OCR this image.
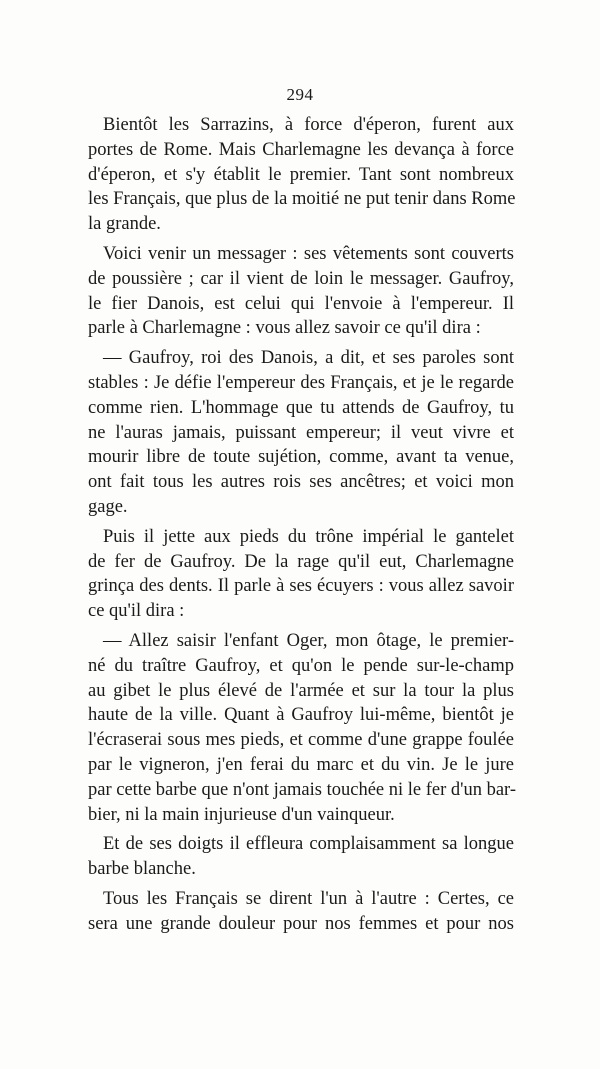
294
Bientôt les Sarrazins, à force d'éperon, furent aux
portes de Rome. Mais Charlemagne les devança à force
d'éperon, et s'y établit le premier. Tant sont nombreux
les Français, que plus de la moitié ne put tenir dans Rome
la grande.
Voici venir un messager : ses vêtements sont couverts
de poussière ; car il vient de loin le messager. Gaufroy,
le fier Danois, est celui qui l'envoie à l'empereur. Il
parle à Charlemagne : vous allez savoir ce qu'il dira :
— Gaufroy, roi des Danois, a dit, et ses paroles sont
stables : Je défie l'empereur des Français, et je le regarde
comme rien. L'hommage que tu attends de Gaufroy, tu
ne l'auras jamais, puissant empereur; il veut vivre et
mourir libre de toute sujétion, comme, avant ta venue,
ont fait tous les autres rois ses ancêtres; et voici mon
gage.
Puis il jette aux pieds du trône impérial le gantelet
de fer de Gaufroy. De la rage qu'il eut, Charlemagne
grinça des dents. Il parle à ses écuyers : vous allez savoir
ce qu'il dira :
— Allez saisir l'enfant Oger, mon ôtage, le premier-
né du traître Gaufroy, et qu'on le pende sur-le-champ
au gibet le plus élevé de l'armée et sur la tour la plus
haute de la ville. Quant à Gaufroy lui-même, bientôt je
l'écraserai sous mes pieds, et comme d'une grappe foulée
par le vigneron, j'en ferai du marc et du vin. Je le jure
par cette barbe que n'ont jamais touchée ni le fer d'un bar-
bier, ni la main injurieuse d'un vainqueur.
Et de ses doigts il effleura complaisamment sa longue
barbe blanche.
Tous les Français se dirent l'un à l'autre : Certes, ce
sera une grande douleur pour nos femmes et pour nos
